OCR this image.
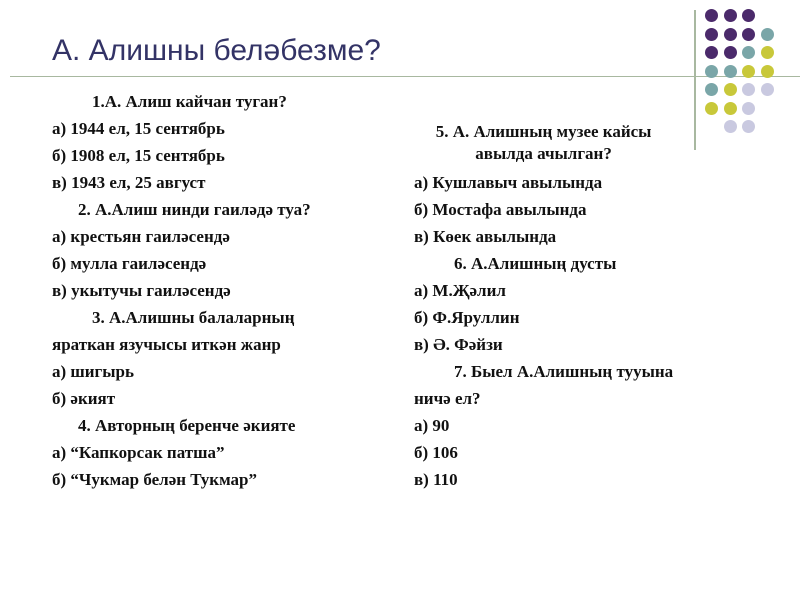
А. Алишны беләбезме?
1.А. Алиш кайчан туган?
а) 1944 ел, 15 сентябрь
б) 1908 ел, 15 сентябрь
в) 1943 ел, 25 август
2. А.Алиш нинди гаиләдә туа?
а) крестьян гаиләсендә
б) мулла гаиләсендә
в) укытучы гаиләсендә
3. А.Алишны балаларның
яраткан язучысы иткән жанр
а) шигырь
б) әкият
4. Авторның беренче әкияте
а) “Капкорсак патша”
б) “Чукмар белән Тукмар”
5. А. Алишның музее кайсы
авылда ачылган?
а) Кушлавыч авылында
б) Мостафа авылында
в) Көек авылында
6. А.Алишның дусты
а) М.Җәлил
б) Ф.Яруллин
в) Ә. Фәйзи
7. Быел А.Алишның тууына
ничә ел?
а) 90
б) 106
в) 110
